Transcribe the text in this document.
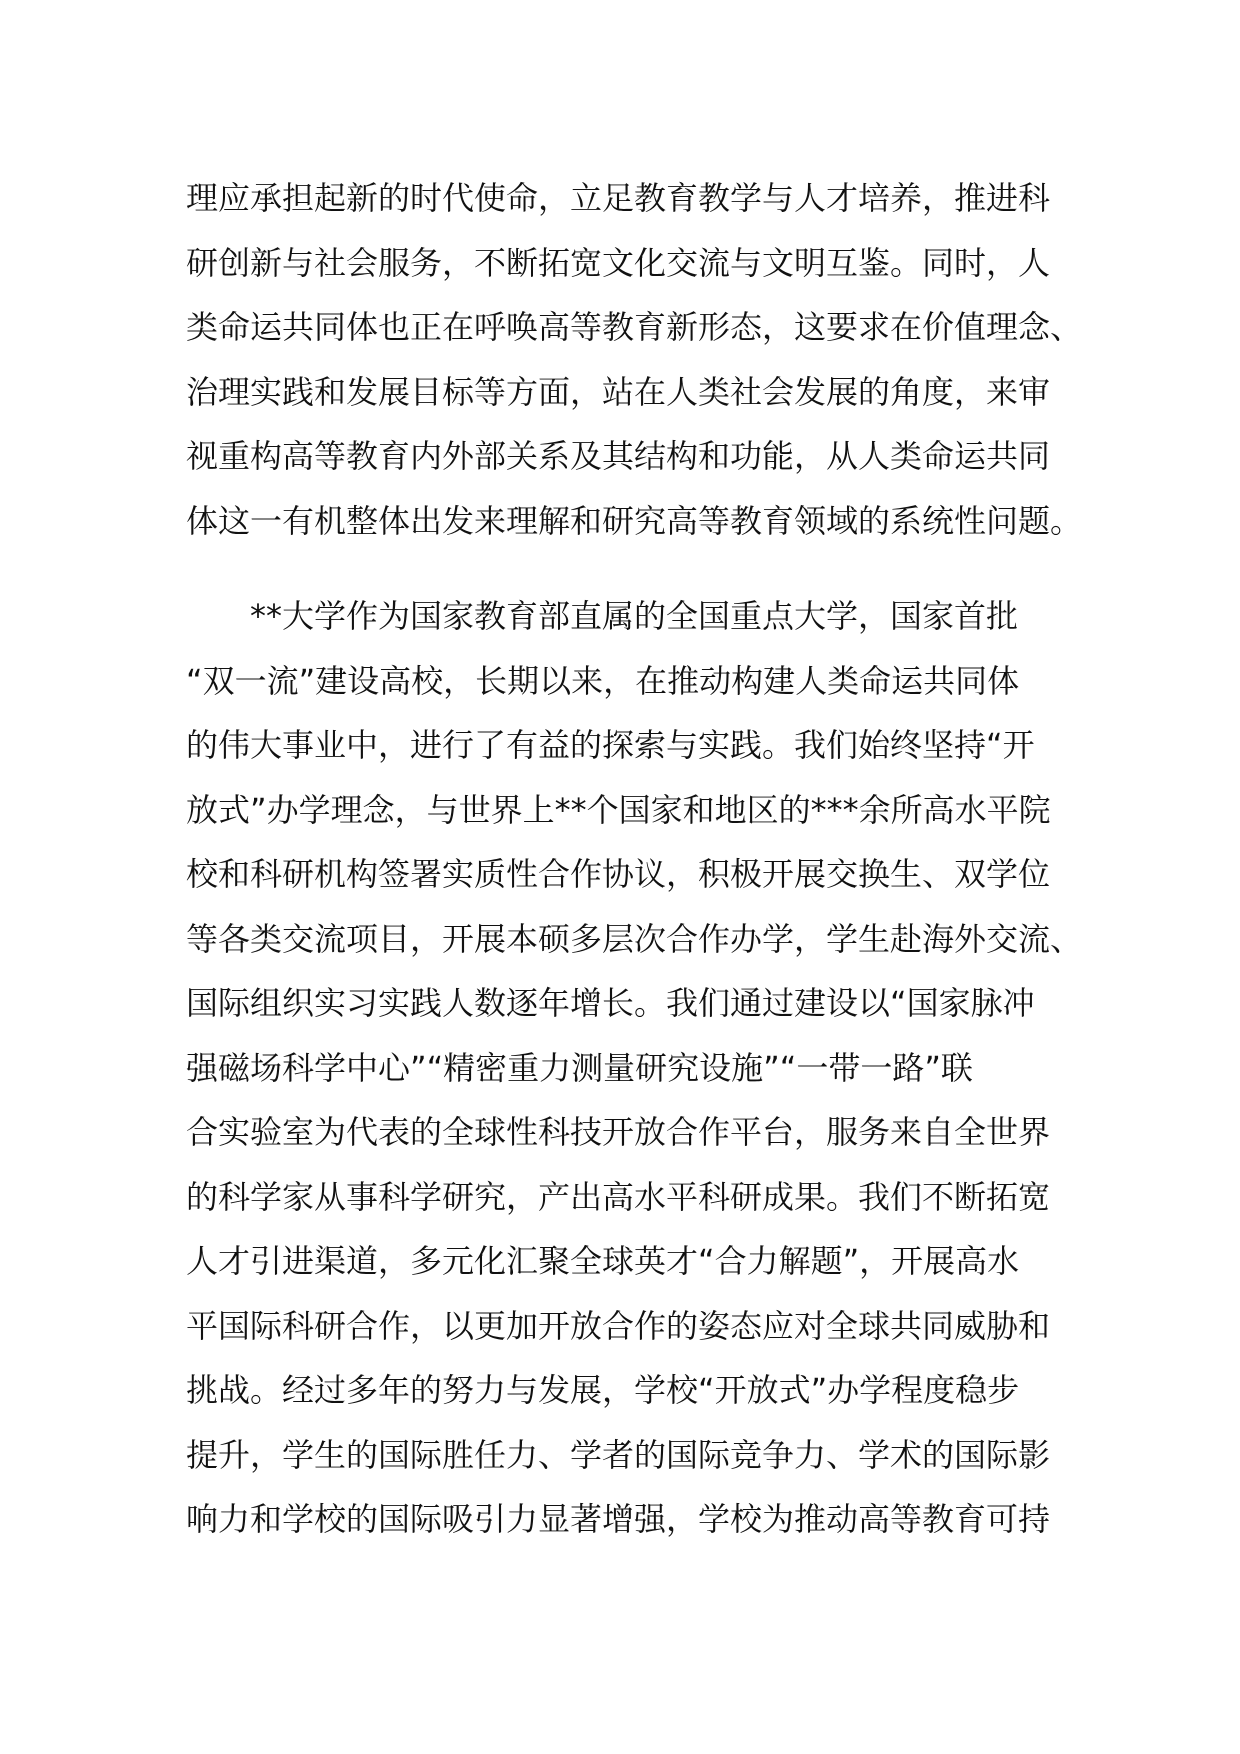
理应承担起新的时代使命，立足教育教学与人才培养，推进科
研创新与社会服务，不断拓宽文化交流与文明互鉴。同时，人
类命运共同体也正在呼唤高等教育新形态，这要求在价值理念、
治理实践和发展目标等方面，站在人类社会发展的角度，来审
视重构高等教育内外部关系及其结构和功能，从人类命运共同
体这一有机整体出发来理解和研究高等教育领域的系统性问题。
**大学作为国家教育部直属的全国重点大学，国家首批
“双一流”建设高校，长期以来，在推动构建人类命运共同体
的伟大事业中，进行了有益的探索与实践。我们始终坚持“开
放式”办学理念，与世界上**个国家和地区的***余所高水平院
校和科研机构签署实质性合作协议，积极开展交换生、双学位
等各类交流项目，开展本硕多层次合作办学，学生赴海外交流、
国际组织实习实践人数逐年增长。我们通过建设以“国家脉冲
强磁场科学中心”“精密重力测量研究设施”“一带一路”联
合实验室为代表的全球性科技开放合作平台，服务来自全世界
的科学家从事科学研究，产出高水平科研成果。我们不断拓宽
人才引进渠道，多元化汇聚全球英才“合力解题”，开展高水
平国际科研合作，以更加开放合作的姿态应对全球共同威胁和
挑战。经过多年的努力与发展，学校“开放式”办学程度稳步
提升，学生的国际胜任力、学者的国际竞争力、学术的国际影
响力和学校的国际吸引力显著增强，学校为推动高等教育可持
